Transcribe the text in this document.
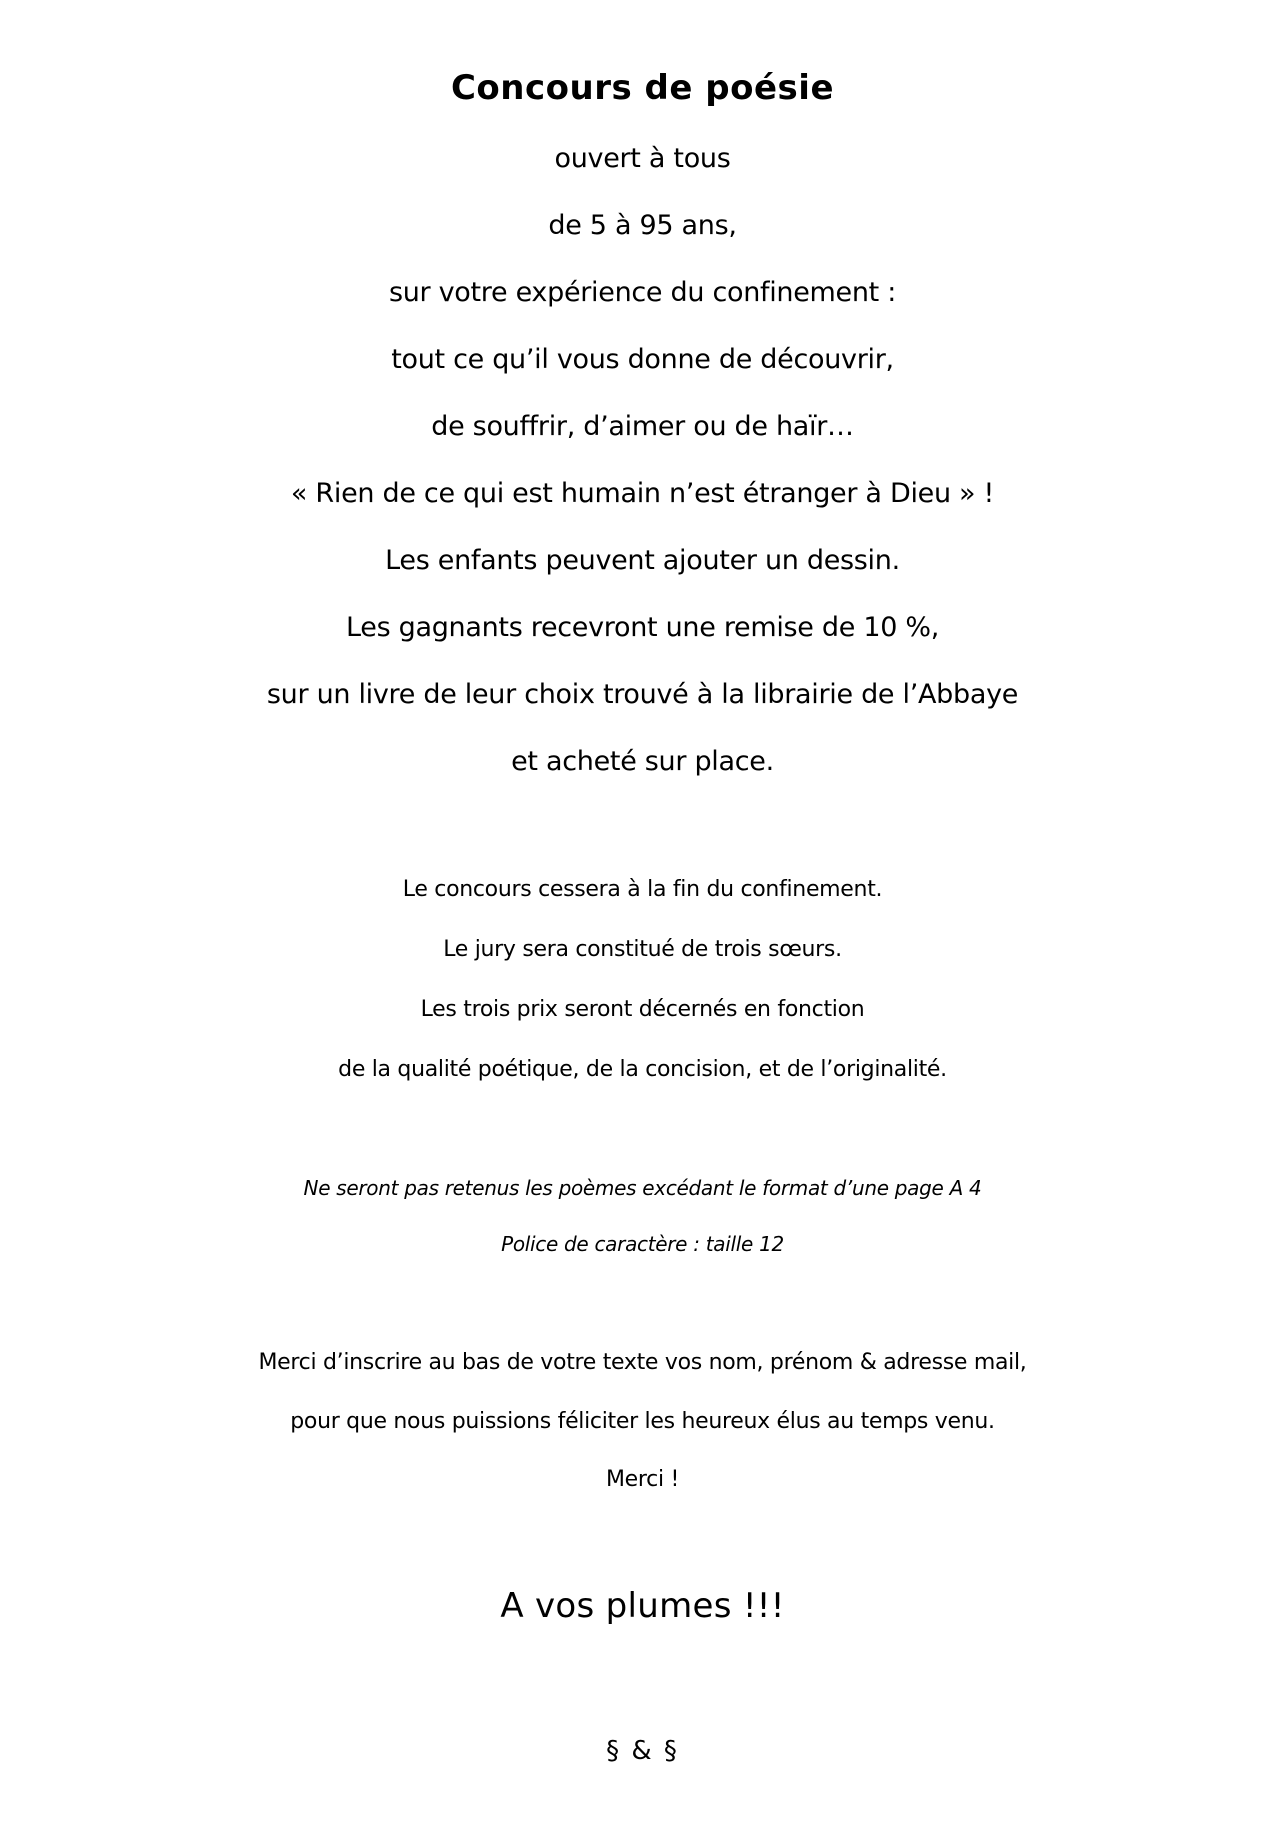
Concours de poésie
ouvert à tous
de 5 à 95 ans,
sur votre expérience du confinement :
tout ce qu’il vous donne de découvrir,
de souffrir, d’aimer ou de haïr…
« Rien de ce qui est humain n’est étranger à Dieu » !
Les enfants peuvent ajouter un dessin.
Les gagnants recevront une remise de 10 %,
sur un livre de leur choix trouvé à la librairie de l’Abbaye
et acheté sur place.
Le concours cessera à la fin du confinement.
Le jury sera constitué de trois sœurs.
Les trois prix seront décernés en fonction
de la qualité poétique, de la concision, et de l’originalité.
Ne seront pas retenus les poèmes excédant le format d’une page A 4
Police de caractère : taille 12
Merci d’inscrire au bas de votre texte vos nom, prénom & adresse mail,
pour que nous puissions féliciter les heureux élus au temps venu.
Merci !
A vos plumes !!!
§ & §
